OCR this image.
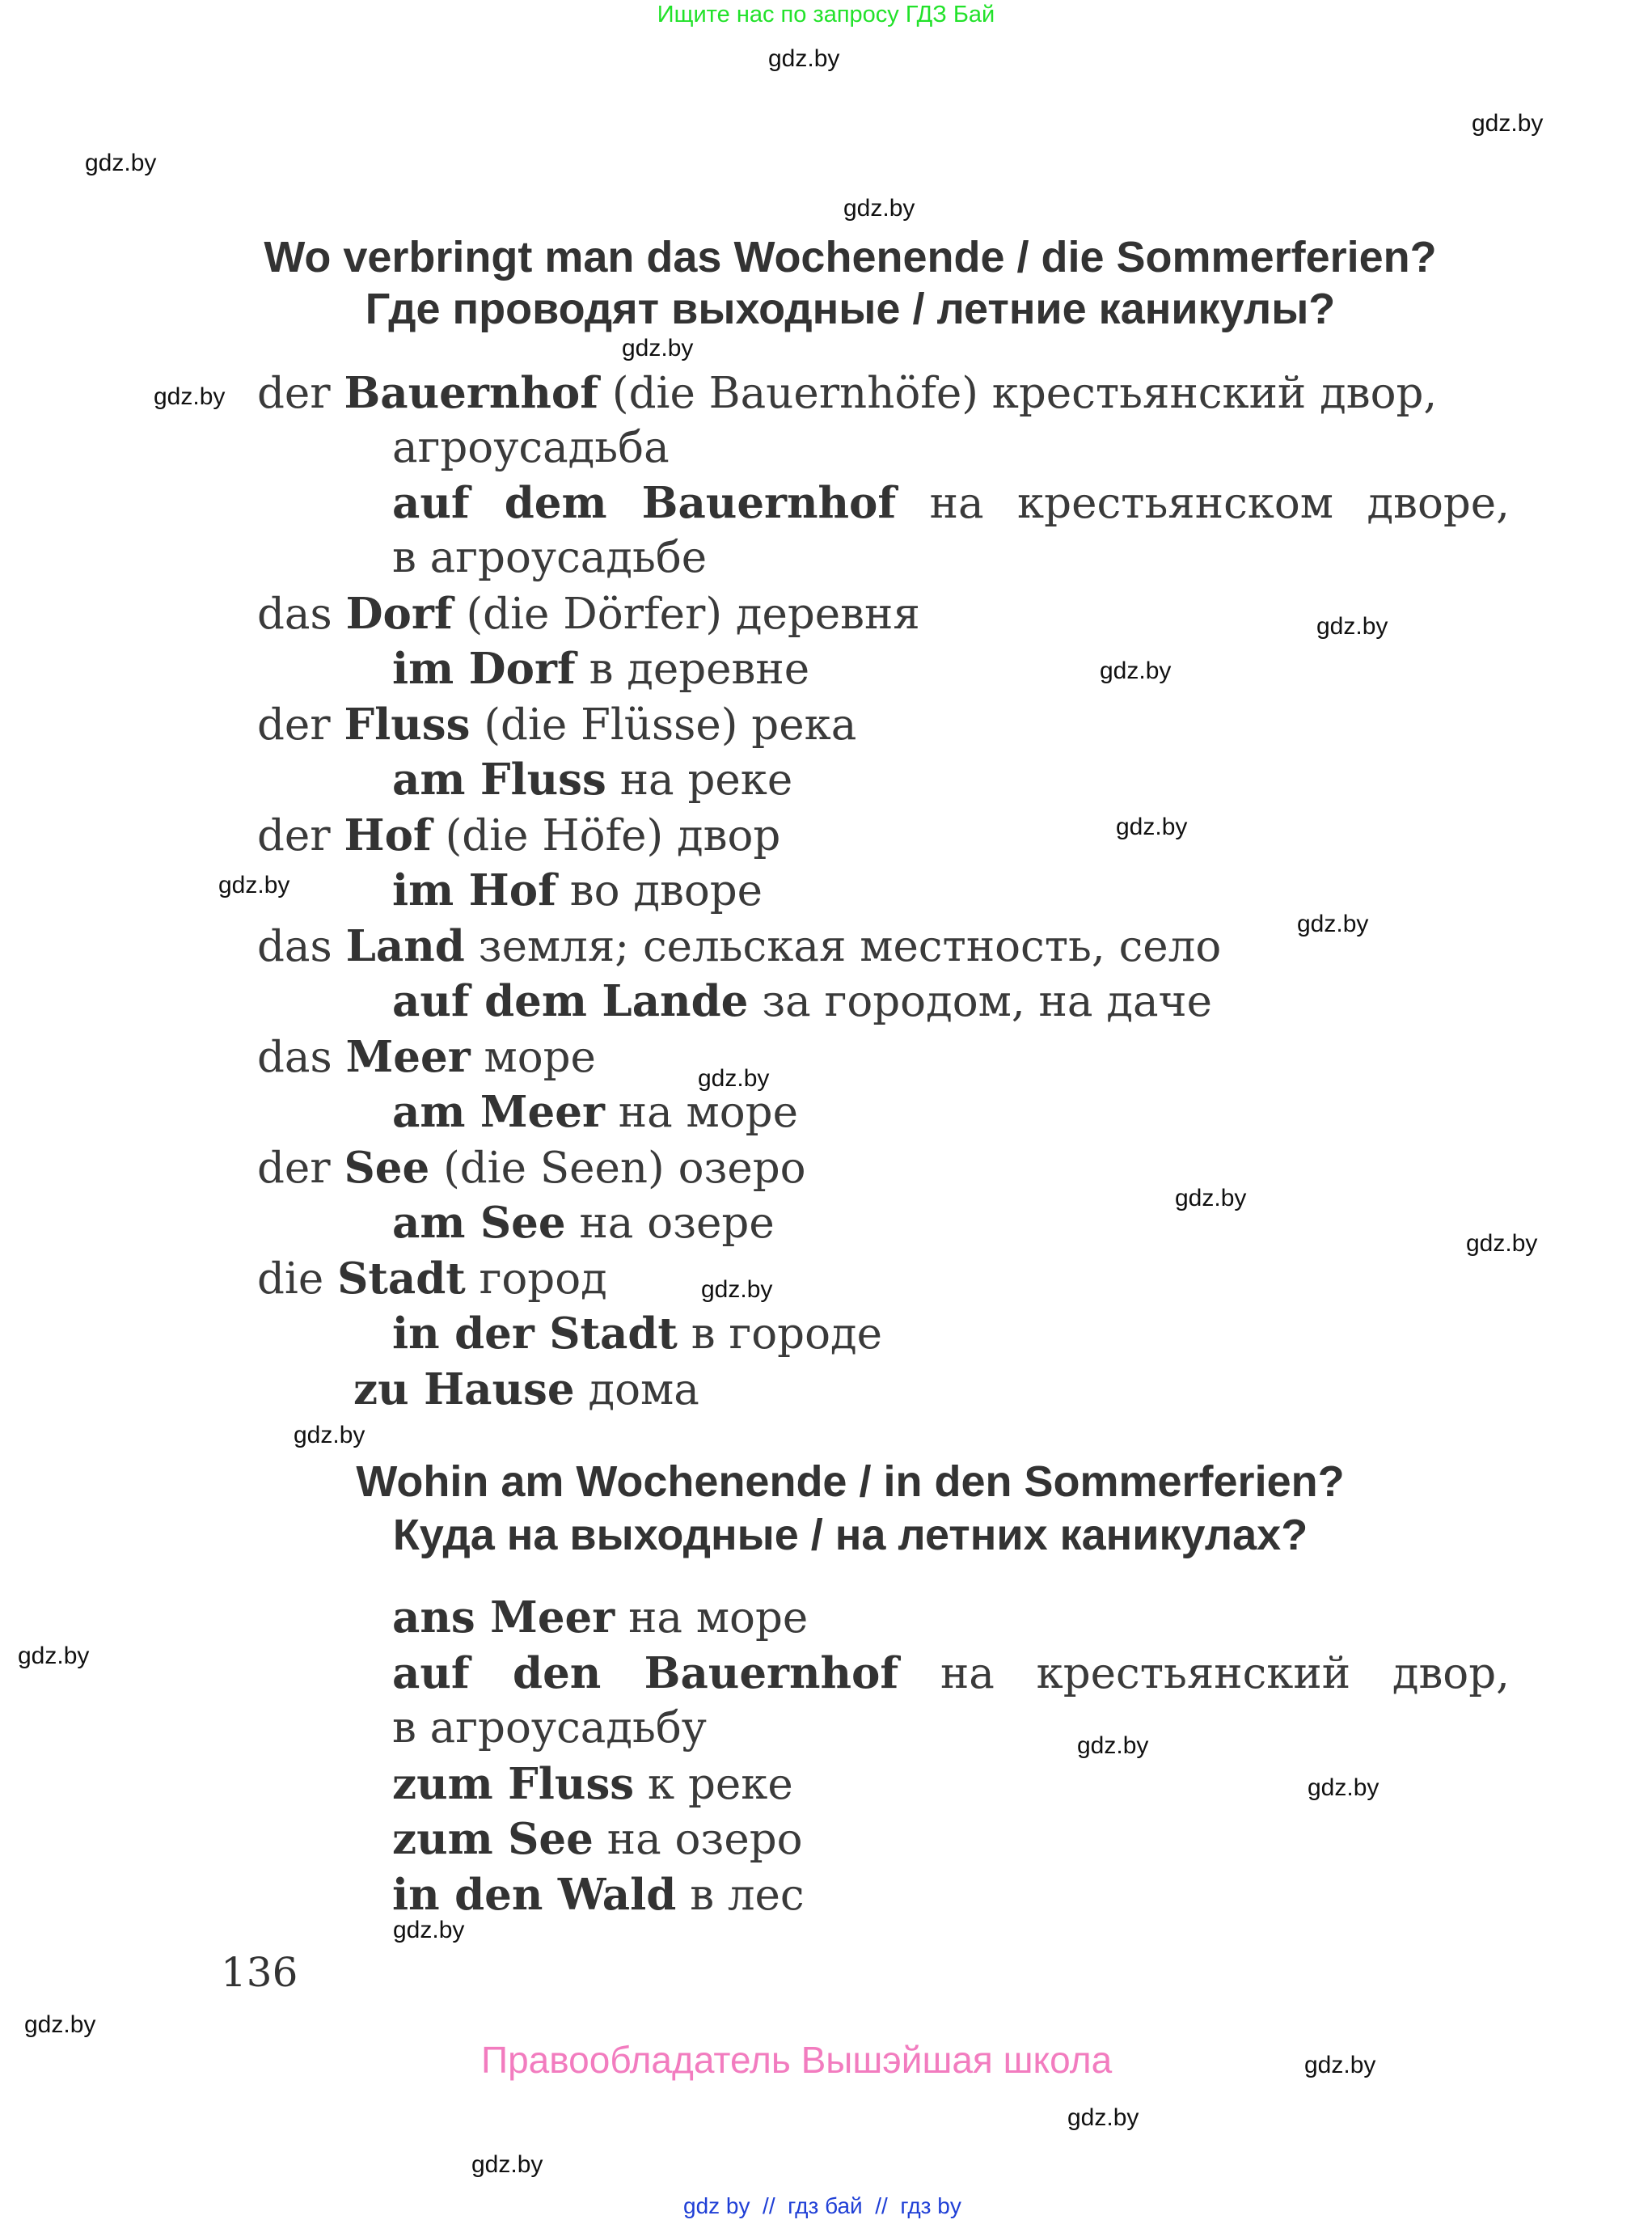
Ищите нас по запросу ГДЗ Бай
gdz.by
gdz.by
gdz.by
gdz.by
gdz.by
gdz.by
gdz.by
gdz.by
gdz.by
gdz.by
gdz.by
gdz.by
gdz.by
gdz.by
gdz.by
gdz.by
gdz.by
gdz.by
gdz.by
gdz.by
gdz.by
gdz.by
gdz.by
gdz.by
Wo verbringt man das Wochenende / die Sommerferien?
Где проводят выходные / летние каникулы?
der Bauernhof (die Bauernhöfe) крестьянский двор,
агроусадьба
auf dem Bauernhof на крестьянском дворе,
в агроусадьбе
das Dorf (die Dörfer) деревня
im Dorf в деревне
der Fluss (die Flüsse) река
am Fluss на реке
der Hof (die Höfe) двор
im Hof во дворе
das Land земля; сельская местность, село
auf dem Lande за городом, на даче
das Meer море
am Meer на море
der See (die Seen) озеро
am See на озере
die Stadt город
in der Stadt в городе
zu Hause дома
Wohin am Wochenende / in den Sommerferien?
Куда на выходные / на летних каникулах?
ans Meer на море
auf den Bauernhof на крестьянский двор,
в агроусадьбу
zum Fluss к реке
zum See на озеро
in den Wald в лес
136
Правообладатель Вышэйшая школа
gdz by  //  гдз бай  //  гдз by
